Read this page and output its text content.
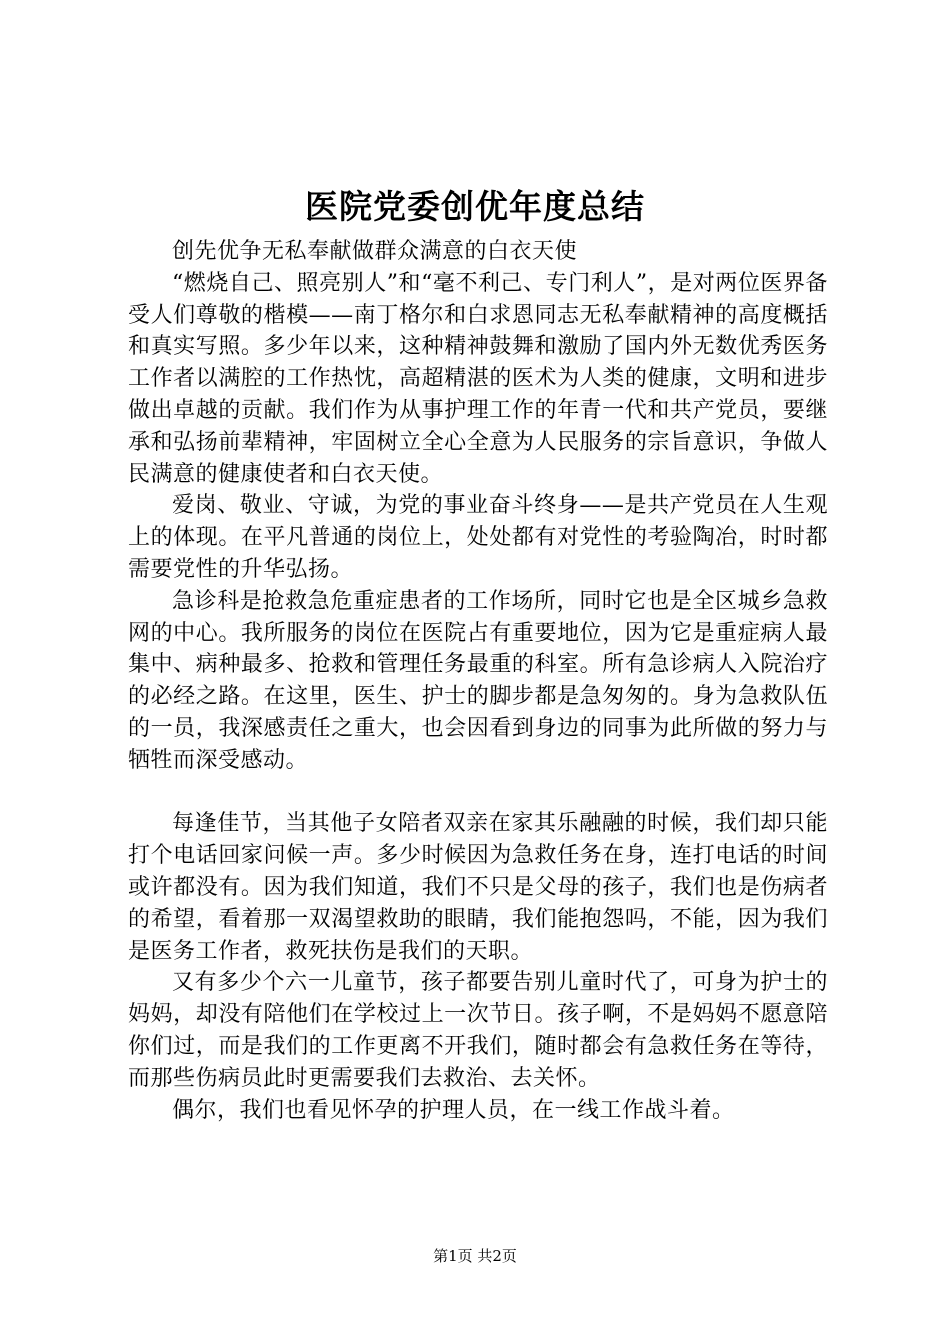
医院党委创优年度总结

创先优争无私奉献做群众满意的白衣天使

“燃烧自己、照亮别人”和“毫不利己、专门利人”，是对两位医界备受人们尊敬的楷模——南丁格尔和白求恩同志无私奉献精神的高度概括和真实写照。多少年以来，这种精神鼓舞和激励了国内外无数优秀医务工作者以满腔的工作热忱，高超精湛的医术为人类的健康，文明和进步做出卓越的贡献。我们作为从事护理工作的年青一代和共产党员，要继承和弘扬前辈精神，牢固树立全心全意为人民服务的宗旨意识，争做人民满意的健康使者和白衣天使。

爱岗、敬业、守诚，为党的事业奋斗终身——是共产党员在人生观上的体现。在平凡普通的岗位上，处处都有对党性的考验陶冶，时时都需要党性的升华弘扬。

急诊科是抢救急危重症患者的工作场所，同时它也是全区城乡急救网的中心。我所服务的岗位在医院占有重要地位，因为它是重症病人最集中、病种最多、抢救和管理任务最重的科室。所有急诊病人入院治疗的必经之路。在这里，医生、护士的脚步都是急匆匆的。身为急救队伍的一员，我深感责任之重大，也会因看到身边的同事为此所做的努力与牺牲而深受感动。

每逢佳节，当其他子女陪者双亲在家其乐融融的时候，我们却只能打个电话回家问候一声。多少时候因为急救任务在身，连打电话的时间或许都没有。因为我们知道，我们不只是父母的孩子，我们也是伤病者的希望，看着那一双渴望救助的眼睛，我们能抱怨吗，不能，因为我们是医务工作者，救死扶伤是我们的天职。

又有多少个六一儿童节，孩子都要告别儿童时代了，可身为护士的妈妈，却没有陪他们在学校过上一次节日。孩子啊，不是妈妈不愿意陪你们过，而是我们的工作更离不开我们，随时都会有急救任务在等待，而那些伤病员此时更需要我们去救治、去关怀。

偶尔，我们也看见怀孕的护理人员，在一线工作战斗着。

第1页 共2页
